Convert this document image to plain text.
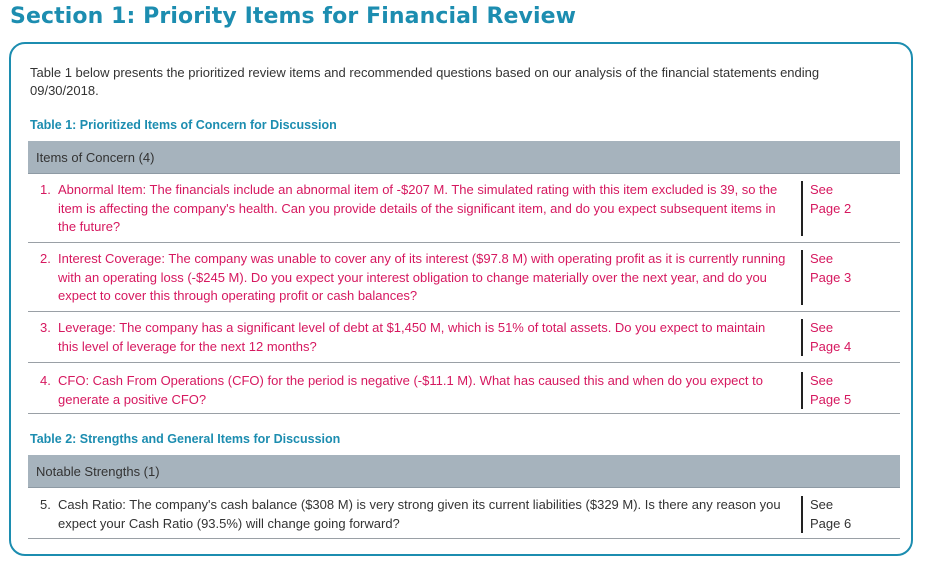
Section 1: Priority Items for Financial Review
Table 1 below presents the prioritized review items and recommended questions based on our analysis of the financial statements ending 09/30/2018.
Table 1: Prioritized Items of Concern for Discussion
Items of Concern (4)
1. Abnormal Item: The financials include an abnormal item of -$207 M. The simulated rating with this item excluded is 39, so the item is affecting the company's health. Can you provide details of the significant item, and do you expect subsequent items in the future?
See
Page 2
2. Interest Coverage: The company was unable to cover any of its interest ($97.8 M) with operating profit as it is currently running with an operating loss (-$245 M). Do you expect your interest obligation to change materially over the next year, and do you expect to cover this through operating profit or cash balances?
See
Page 3
3. Leverage: The company has a significant level of debt at $1,450 M, which is 51% of total assets. Do you expect to maintain this level of leverage for the next 12 months?
See
Page 4
4. CFO: Cash From Operations (CFO) for the period is negative (-$11.1 M). What has caused this and when do you expect to generate a positive CFO?
See
Page 5
Table 2: Strengths and General Items for Discussion
Notable Strengths (1)
5. Cash Ratio: The company's cash balance ($308 M) is very strong given its current liabilities ($329 M). Is there any reason you expect your Cash Ratio (93.5%) will change going forward?
See
Page 6
